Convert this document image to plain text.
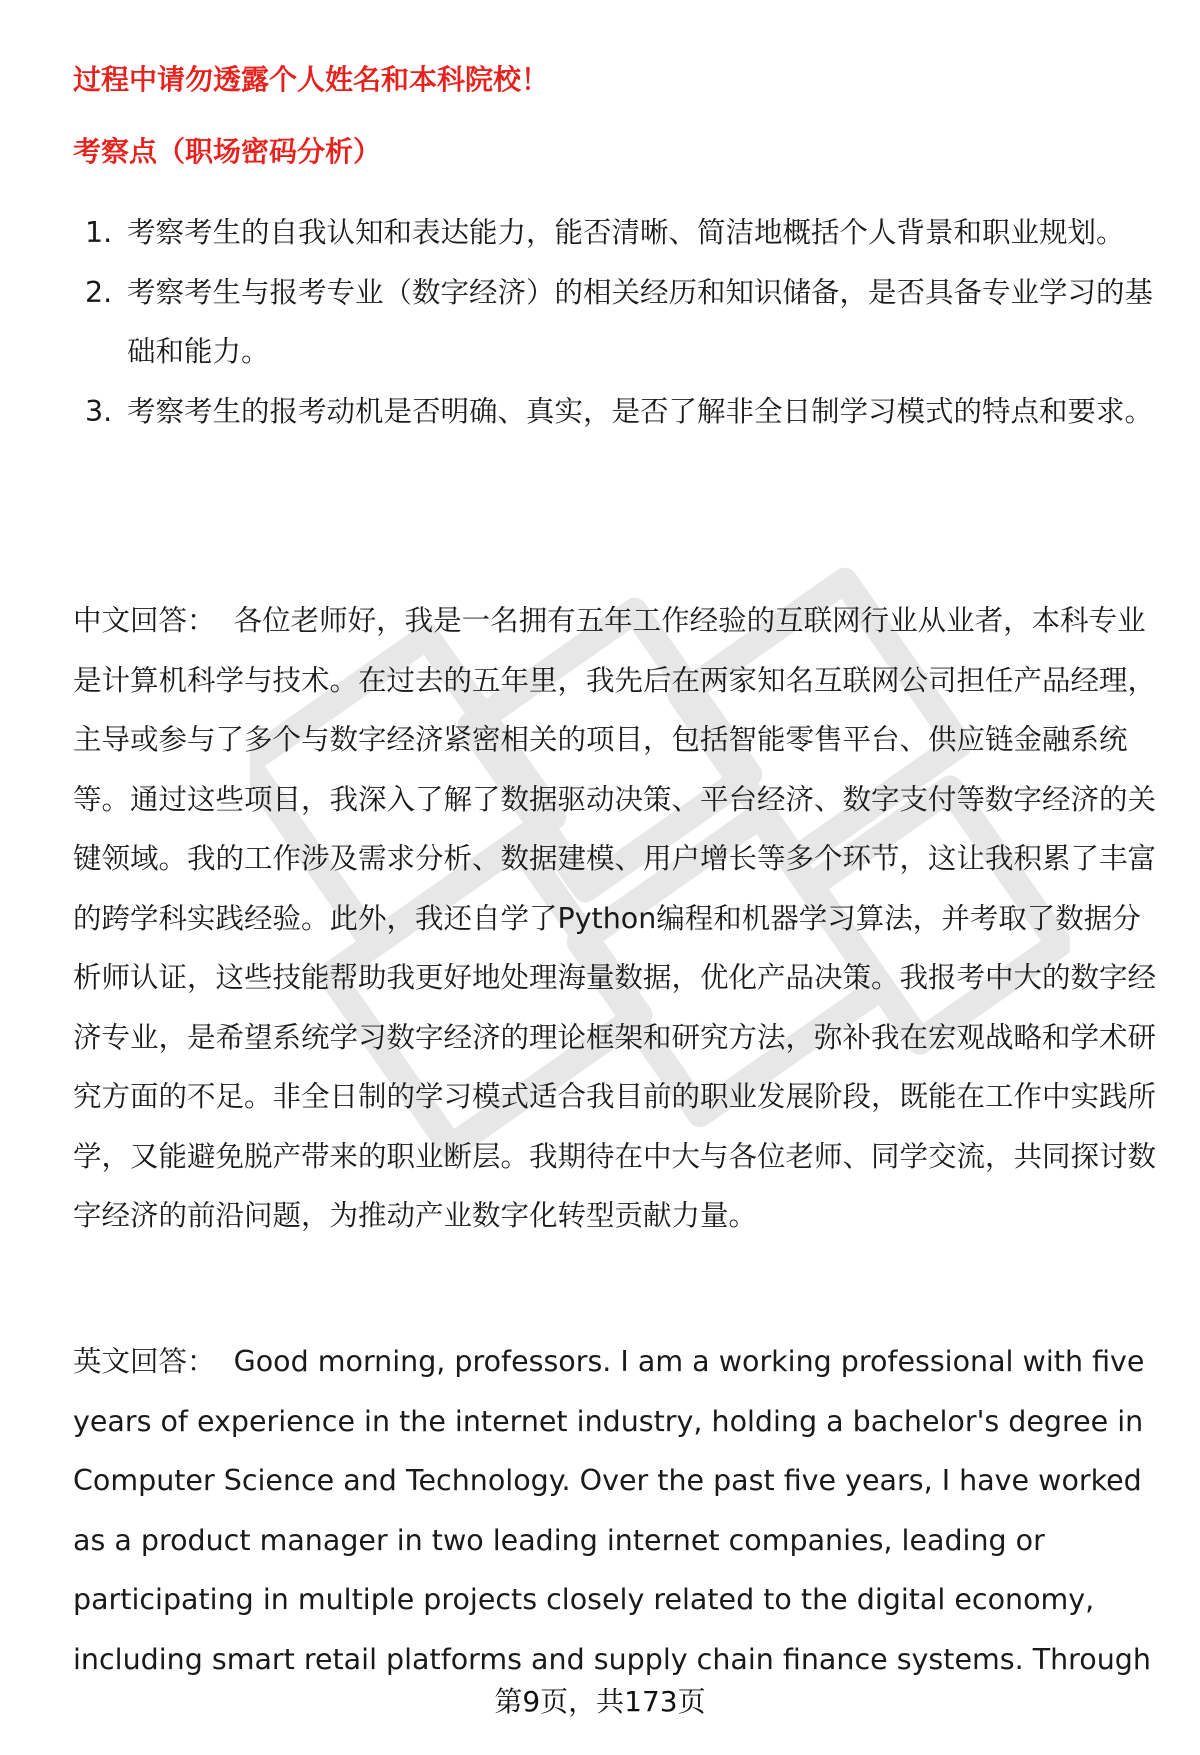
过程中请勿透露个人姓名和本科院校！
考察点（职场密码分析）
1. 考察考生的自我认知和表达能力，能否清晰、简洁地概括个人背景和职业规划。
2. 考察考生与报考专业（数字经济）的相关经历和知识储备，是否具备专业学习的基础和能力。
3. 考察考生的报考动机是否明确、真实，是否了解非全日制学习模式的特点和要求。

中文回答： 各位老师好，我是一名拥有五年工作经验的互联网行业从业者，本科专业是计算机科学与技术。在过去的五年里，我先后在两家知名互联网公司担任产品经理，主导或参与了多个与数字经济紧密相关的项目，包括智能零售平台、供应链金融系统等。通过这些项目，我深入了解了数据驱动决策、平台经济、数字支付等数字经济的关键领域。我的工作涉及需求分析、数据建模、用户增长等多个环节，这让我积累了丰富的跨学科实践经验。此外，我还自学了Python编程和机器学习算法，并考取了数据分析师认证，这些技能帮助我更好地处理海量数据，优化产品决策。我报考中大的数字经济专业，是希望系统学习数字经济的理论框架和研究方法，弥补我在宏观战略和学术研究方面的不足。非全日制的学习模式适合我目前的职业发展阶段，既能在工作中实践所学，又能避免脱产带来的职业断层。我期待在中大与各位老师、同学交流，共同探讨数字经济的前沿问题，为推动产业数字化转型贡献力量。

英文回答： Good morning, professors. I am a working professional with five years of experience in the internet industry, holding a bachelor's degree in Computer Science and Technology. Over the past five years, I have worked as a product manager in two leading internet companies, leading or participating in multiple projects closely related to the digital economy, including smart retail platforms and supply chain finance systems. Through

第9页，共173页
